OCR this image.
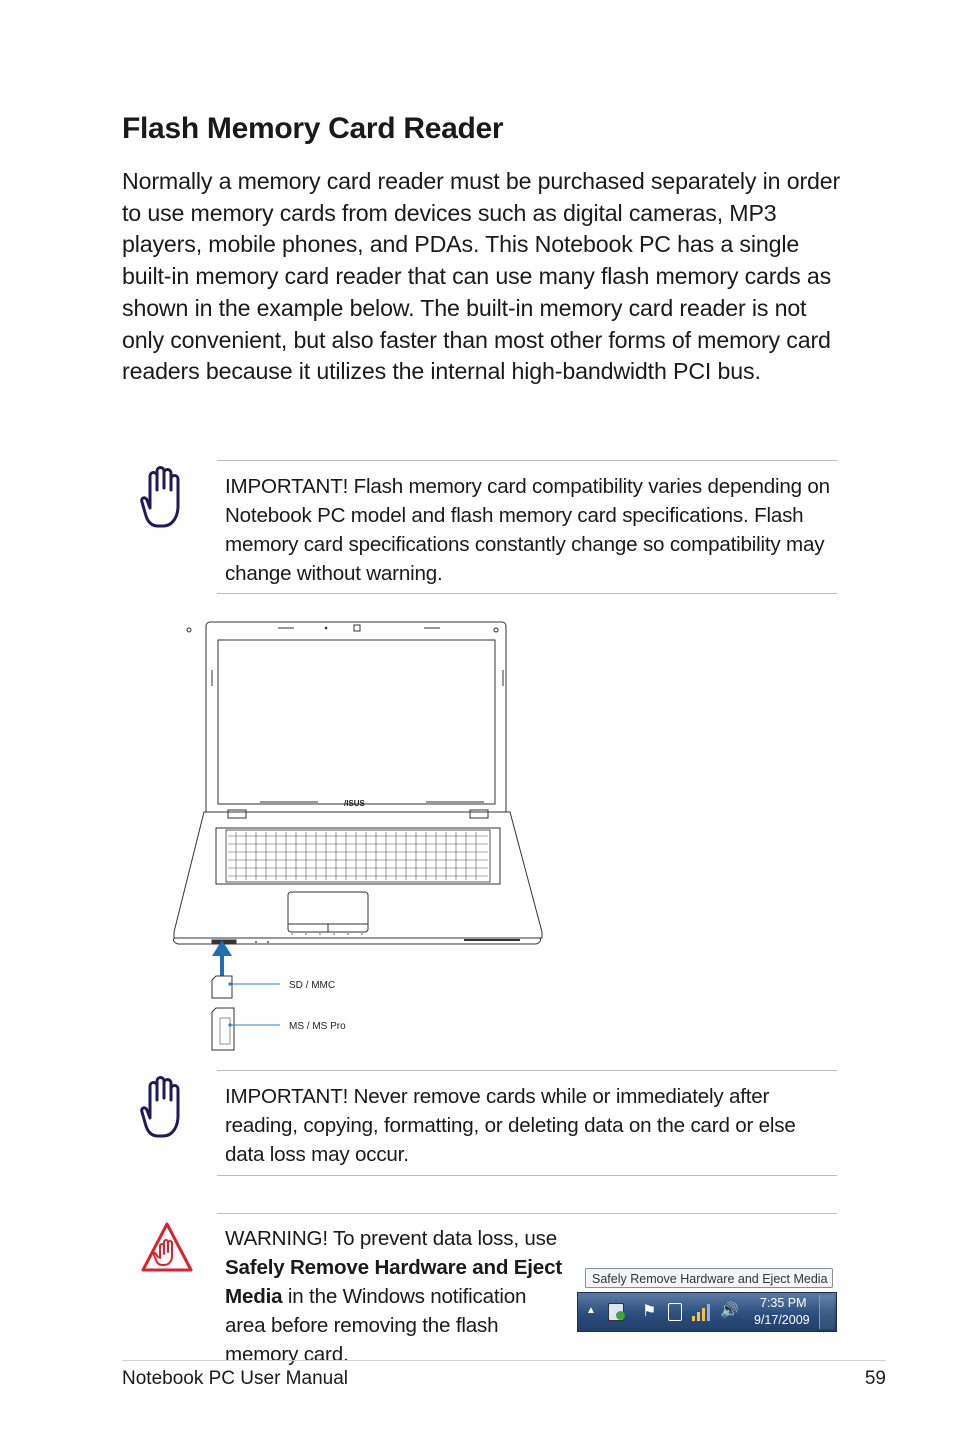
Flash Memory Card Reader

Normally a memory card reader must be purchased separately in order to use memory cards from devices such as digital cameras, MP3 players, mobile phones, and PDAs. This Notebook PC has a single built-in memory card reader that can use many flash memory cards as shown in the example below. The built-in memory card reader is not only convenient, but also faster than most other forms of memory card readers because it utilizes the internal high-bandwidth PCI bus.

IMPORTANT! Flash memory card compatibility varies depending on Notebook PC model and flash memory card specifications. Flash memory card specifications constantly change so compatibility may change without warning.

/ISUS
SD / MMC
MS / MS Pro

IMPORTANT! Never remove cards while or immediately after reading, copying, formatting, or deleting data on the card or else data loss may occur.

WARNING! To prevent data loss, use Safely Remove Hardware and Eject Media in the Windows notification area before removing the flash memory card.

Safely Remove Hardware and Eject Media
▲	⚑	🔊 7:35 PM
9/17/2009
Notebook PC User Manual	59
